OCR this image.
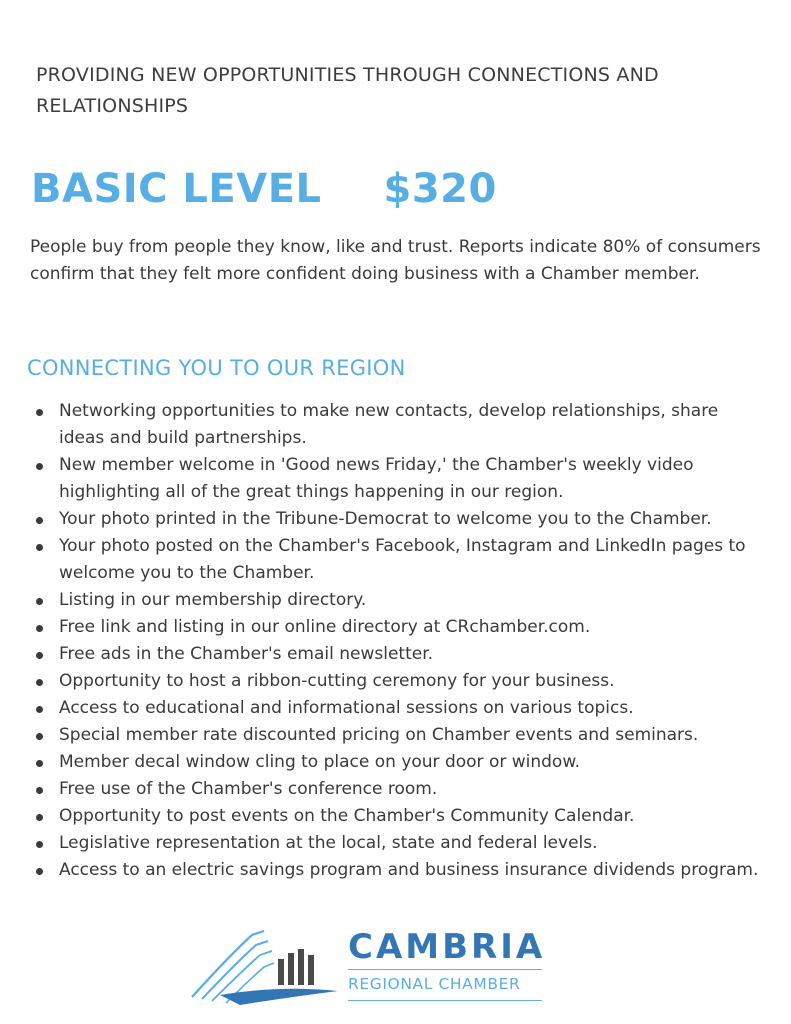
PROVIDING NEW OPPORTUNITIES THROUGH CONNECTIONS AND RELATIONSHIPS
BASIC LEVEL $320
People buy from people they know, like and trust. Reports indicate 80% of consumers confirm that they felt more confident doing business with a Chamber member.
CONNECTING YOU TO OUR REGION
Networking opportunities to make new contacts, develop relationships, share ideas and build partnerships.
New member welcome in 'Good news Friday,' the Chamber's weekly video highlighting all of the great things happening in our region.
Your photo printed in the Tribune-Democrat to welcome you to the Chamber.
Your photo posted on the Chamber's Facebook, Instagram and LinkedIn pages to welcome you to the Chamber.
Listing in our membership directory.
Free link and listing in our online directory at CRchamber.com.
Free ads in the Chamber's email newsletter.
Opportunity to host a ribbon-cutting ceremony for your business.
Access to educational and informational sessions on various topics.
Special member rate discounted pricing on Chamber events and seminars.
Member decal window cling to place on your door or window.
Free use of the Chamber's conference room.
Opportunity to post events on the Chamber's Community Calendar.
Legislative representation at the local, state and federal levels.
Access to an electric savings program and business insurance dividends program.
CAMBRIA
REGIONAL CHAMBER
